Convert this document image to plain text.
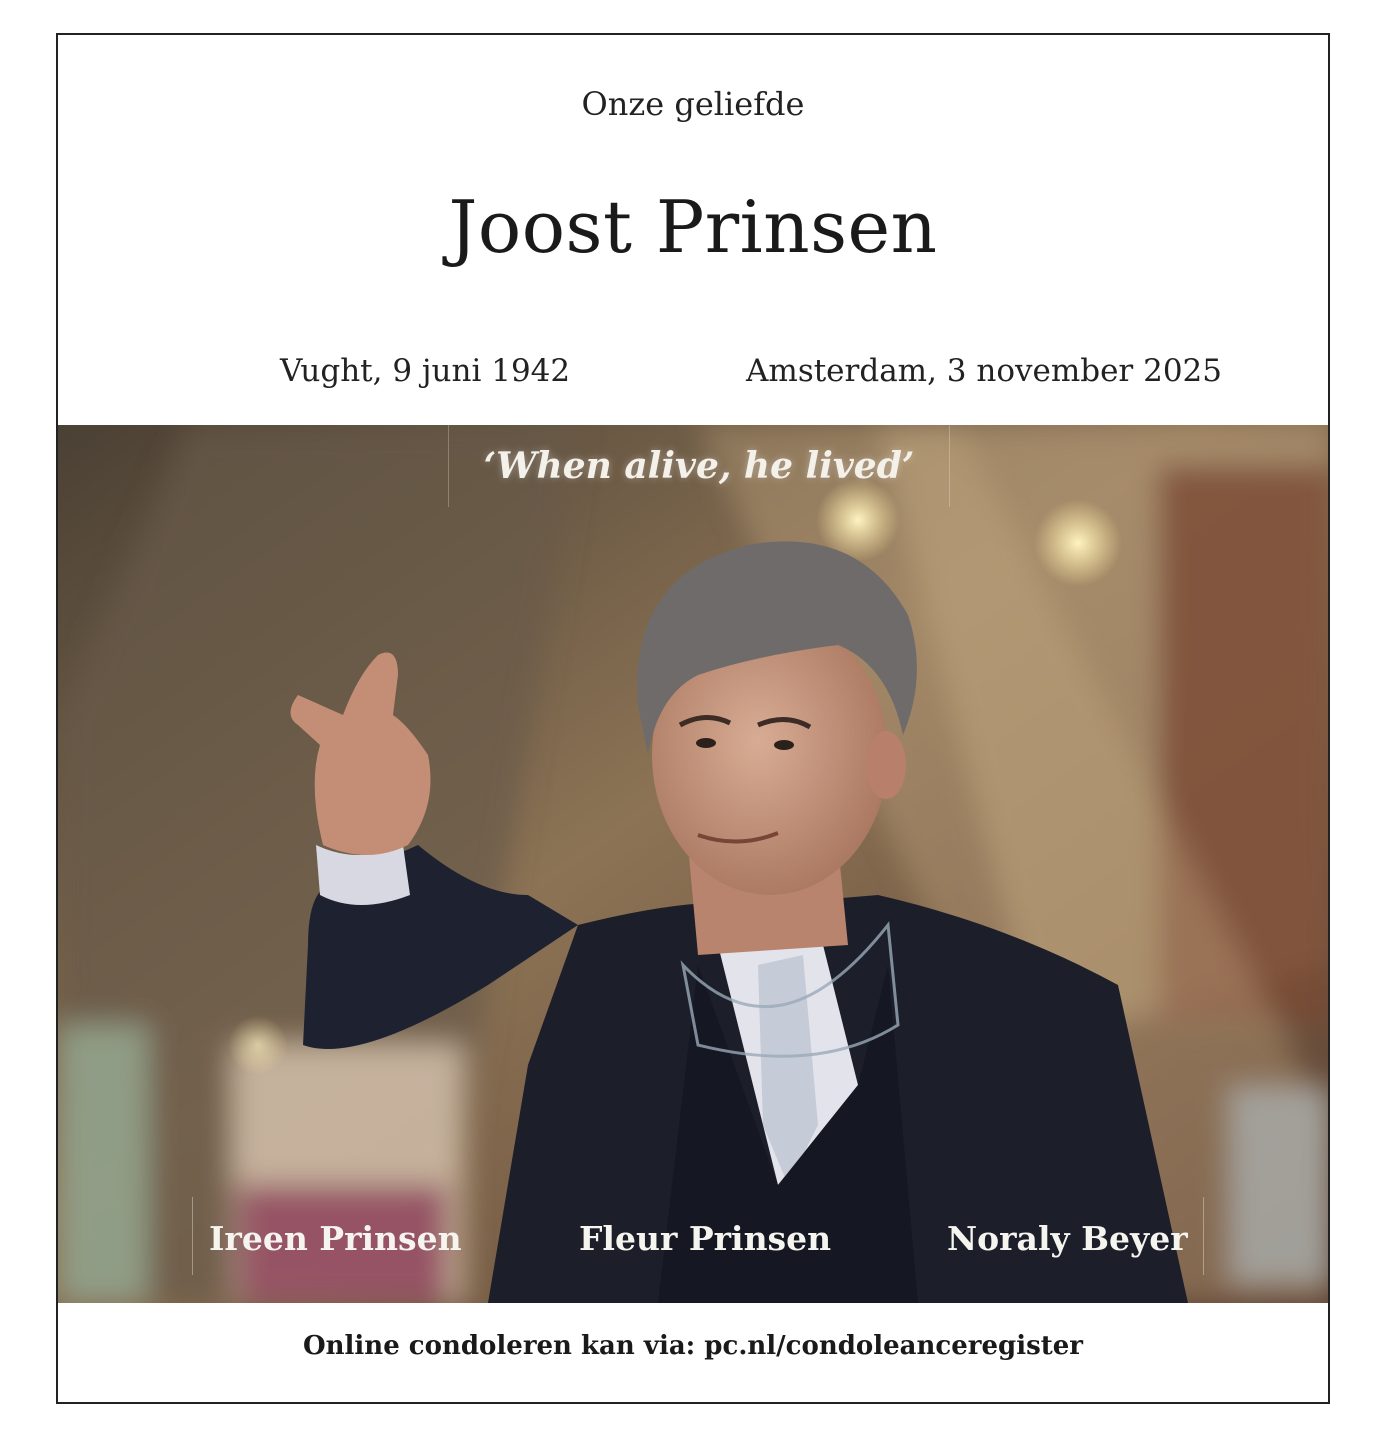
Onze geliefde
Joost Prinsen
Vught, 9 juni 1942	Amsterdam, 3 november 2025
‘When alive, he lived’
Ireen Prinsen	Fleur Prinsen	Noraly Beyer
Online condoleren kan via: pc.nl/condoleanceregister
